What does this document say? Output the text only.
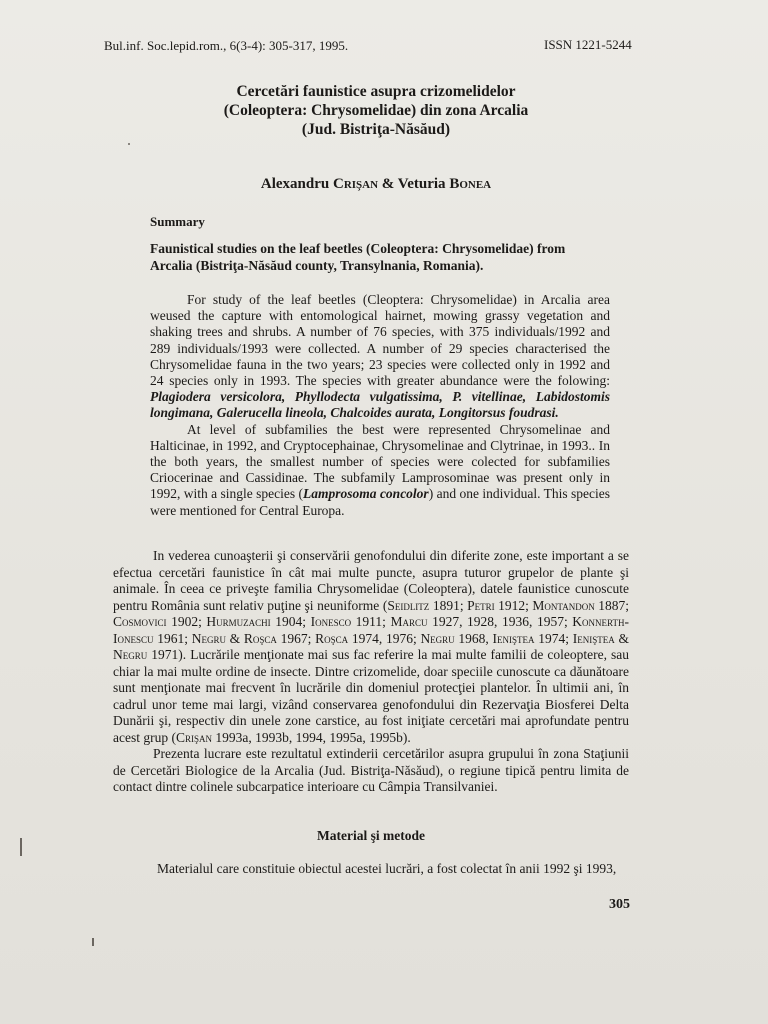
Bul.inf. Soc.lepid.rom., 6(3-4): 305-317, 1995.	ISSN 1221-5244
Cercetări faunistice asupra crizomelidelor
(Coleoptera: Chrysomelidae) din zona Arcalia
(Jud. Bistriţa-Năsăud)
Alexandru Crişan & Veturia Bonea
Summary
Faunistical studies on the leaf beetles (Coleoptera: Chrysomelidae) from Arcalia (Bistriţa-Năsăud county, Transylnania, Romania).

For study of the leaf beetles (Cleoptera: Chrysomelidae) in Arcalia area weused the capture with entomological hairnet, mowing grassy vegetation and shaking trees and shrubs. A number of 76 species, with 375 individuals/1992 and 289 individuals/1993 were collected. A number of 29 species characterised the Chrysomelidae fauna in the two years; 23 species were collected only in 1992 and 24 species only in 1993. The species with greater abundance were the folowing: Plagiodera versicolora, Phyllodecta vulgatissima, P. vitellinae, Labidostomis longimana, Galerucella lineola, Chalcoides aurata, Longitorsus foudrasi.

At level of subfamilies the best were represented Chrysomelinae and Halticinae, in 1992, and Cryptocephainae, Chrysomelinae and Clytrinae, in 1993.. In the both years, the smallest number of species were colected for subfamilies Criocerinae and Cassidinae. The subfamily Lamprosominae was present only in 1992, with a single species (Lamprosoma concolor) and one individual. This species were mentioned for Central Europa.

In vederea cunoaşterii şi conservării genofondului din diferite zone, este important a se efectua cercetări faunistice în cât mai multe puncte, asupra tuturor grupelor de plante şi animale. În ceea ce priveşte familia Chrysomelidae (Coleoptera), datele faunistice cunoscute pentru România sunt relativ puţine şi neuniforme (Seidlitz 1891; Petri 1912; Montandon 1887; Cosmovici 1902; Hurmuzachi 1904; Ionesco 1911; Marcu 1927, 1928, 1936, 1957; Konnerth-Ionescu 1961; Negru & Roşca 1967; Roşca 1974, 1976; Negru 1968, Ieniştea 1974; Ieniştea & Negru 1971). Lucrările menţionate mai sus fac referire la mai multe familii de coleoptere, sau chiar la mai multe ordine de insecte. Dintre crizomelide, doar speciile cunoscute ca dăunătoare sunt menţionate mai frecvent în lucrările din domeniul protecţiei plantelor. În ultimii ani, în cadrul unor teme mai largi, vizând conservarea genofondului din Rezervaţia Biosferei Delta Dunării şi, respectiv din unele zone carstice, au fost iniţiate cercetări mai aprofundate pentru acest grup (Crişan 1993a, 1993b, 1994, 1995a, 1995b).

Prezenta lucrare este rezultatul extinderii cercetărilor asupra grupului în zona Staţiunii de Cercetări Biologice de la Arcalia (Jud. Bistriţa-Năsăud), o regiune tipică pentru limita de contact dintre colinele subcarpatice interioare cu Câmpia Transilvaniei.

Material şi metode
Materialul care constituie obiectul acestei lucrări, a fost colectat în anii 1992 şi 1993,
305
